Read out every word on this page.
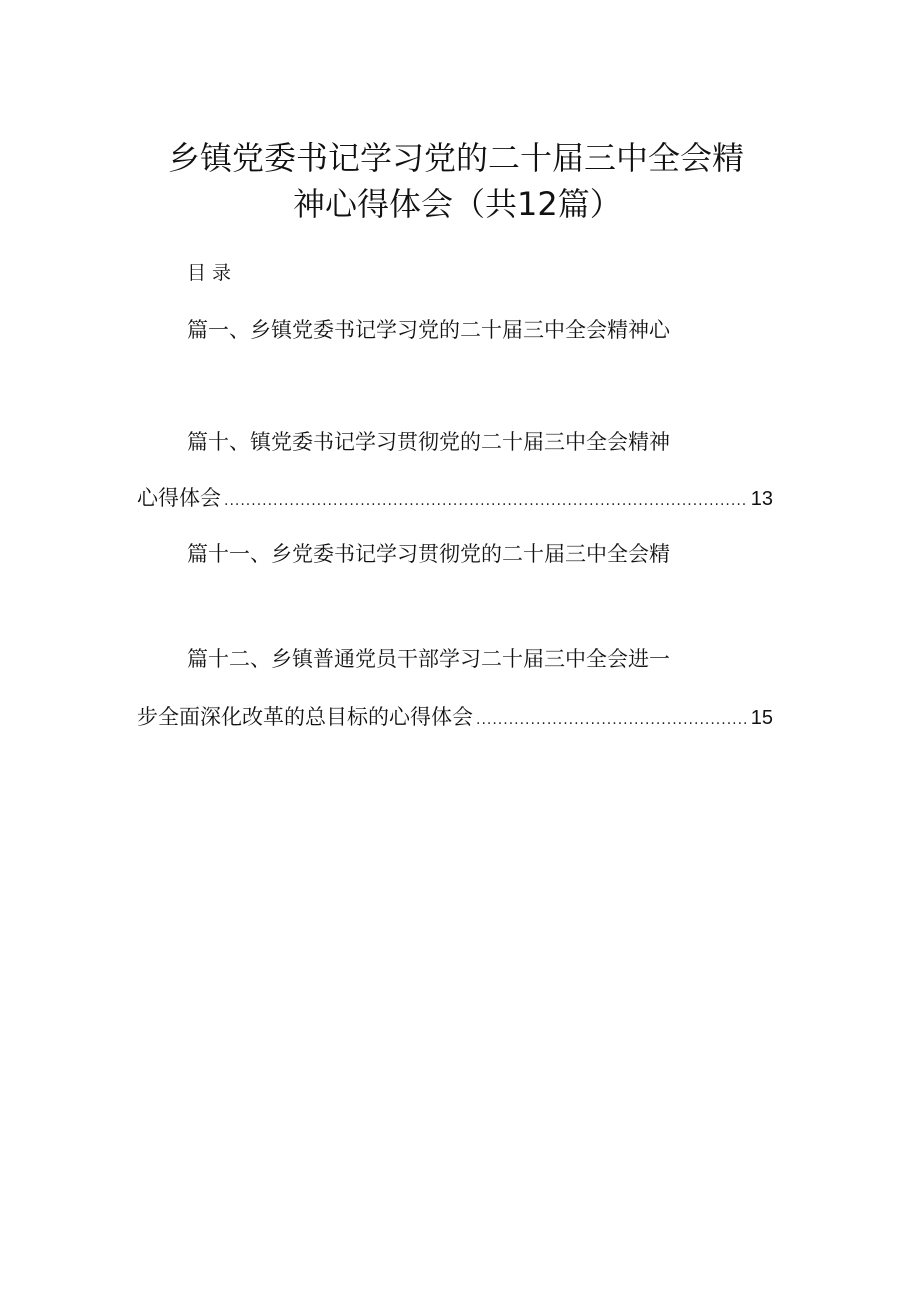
乡镇党委书记学习党的二十届三中全会精
神心得体会（共12篇）
目录
篇一、乡镇党委书记学习党的二十届三中全会精神心
篇十、镇党委书记学习贯彻党的二十届三中全会精神
心得体会 .....	13
篇十一、乡党委书记学习贯彻党的二十届三中全会精
篇十二、乡镇普通党员干部学习二十届三中全会进一
步全面深化改革的总目标的心得体会 .....	15
